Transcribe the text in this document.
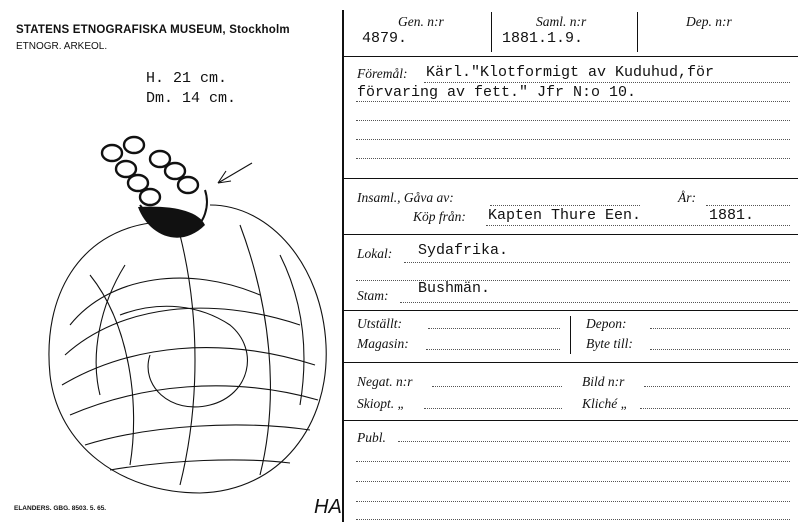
STATENS ETNOGRAFISKA MUSEUM, Stockholm
ETNOGR. ARKEOL.
H. 21 cm.
Dm. 14 cm.
ELANDERS. GBG. 8503. 5. 65.	HA
Gen. n:r
4879.
Saml. n:r
1881.1.9.
Dep. n:r
Föremål: Kärl."Klotformigt av Kuduhud,för
förvaring av fett." Jfr N:o 10.
Insaml., Gåva av:	År:
Köp från: Kapten Thure Een.	1881.
Lokal: Sydafrika.
Stam: Bushmän.
Utställt:
Magasin:
Depon:
Byte till:
Negat. n:r	Bild n:r
Skiopt. „	Kliché „
Publ.
